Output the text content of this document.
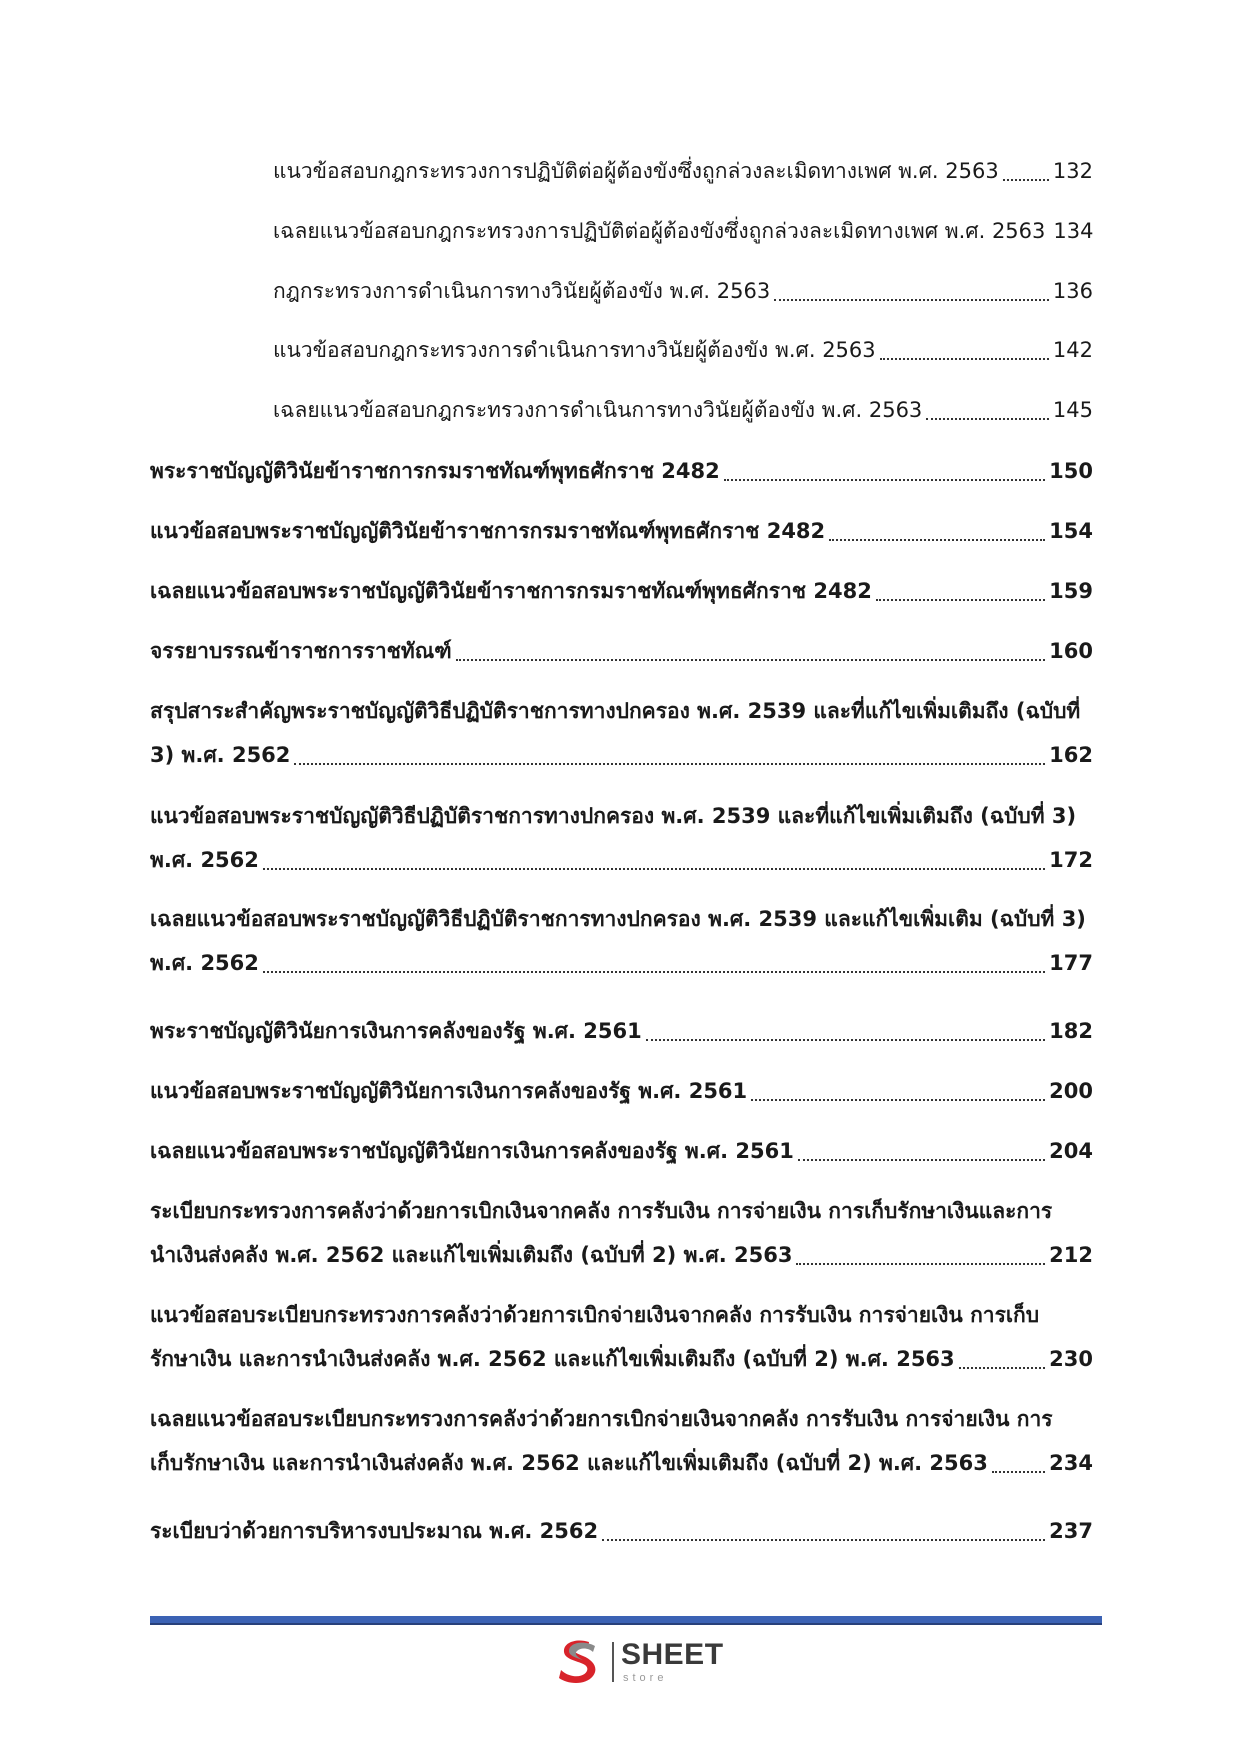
แนวข้อสอบกฎกระทรวงการปฏิบัติต่อผู้ต้องขังซึ่งถูกล่วงละเมิดทางเพศ พ.ศ. 2563	132
เฉลยแนวข้อสอบกฎกระทรวงการปฏิบัติต่อผู้ต้องขังซึ่งถูกล่วงละเมิดทางเพศ พ.ศ. 2563 134
กฎกระทรวงการดำเนินการทางวินัยผู้ต้องขัง พ.ศ. 2563	136
แนวข้อสอบกฎกระทรวงการดำเนินการทางวินัยผู้ต้องขัง พ.ศ. 2563	142
เฉลยแนวข้อสอบกฎกระทรวงการดำเนินการทางวินัยผู้ต้องขัง พ.ศ. 2563	145
พระราชบัญญัติวินัยข้าราชการกรมราชทัณฑ์พุทธศักราช 2482	150
แนวข้อสอบพระราชบัญญัติวินัยข้าราชการกรมราชทัณฑ์พุทธศักราช 2482	154
เฉลยแนวข้อสอบพระราชบัญญัติวินัยข้าราชการกรมราชทัณฑ์พุทธศักราช 2482	159
จรรยาบรรณข้าราชการราชทัณฑ์	160
สรุปสาระสำคัญพระราชบัญญัติวิธีปฏิบัติราชการทางปกครอง พ.ศ. 2539 และที่แก้ไขเพิ่มเติมถึง (ฉบับที่
3) พ.ศ. 2562	162
แนวข้อสอบพระราชบัญญัติวิธีปฏิบัติราชการทางปกครอง พ.ศ. 2539 และที่แก้ไขเพิ่มเติมถึง (ฉบับที่ 3)
พ.ศ. 2562	172
เฉลยแนวข้อสอบพระราชบัญญัติวิธีปฏิบัติราชการทางปกครอง พ.ศ. 2539 และแก้ไขเพิ่มเติม (ฉบับที่ 3)
พ.ศ. 2562	177
พระราชบัญญัติวินัยการเงินการคลังของรัฐ พ.ศ. 2561	182
แนวข้อสอบพระราชบัญญัติวินัยการเงินการคลังของรัฐ พ.ศ. 2561	200
เฉลยแนวข้อสอบพระราชบัญญัติวินัยการเงินการคลังของรัฐ พ.ศ. 2561	204
ระเบียบกระทรวงการคลังว่าด้วยการเบิกเงินจากคลัง การรับเงิน การจ่ายเงิน การเก็บรักษาเงินและการ
นำเงินส่งคลัง พ.ศ. 2562 และแก้ไขเพิ่มเติมถึง (ฉบับที่ 2) พ.ศ. 2563	212
แนวข้อสอบระเบียบกระทรวงการคลังว่าด้วยการเบิกจ่ายเงินจากคลัง การรับเงิน การจ่ายเงิน การเก็บ
รักษาเงิน และการนำเงินส่งคลัง พ.ศ. 2562 และแก้ไขเพิ่มเติมถึง (ฉบับที่ 2) พ.ศ. 2563	230
เฉลยแนวข้อสอบระเบียบกระทรวงการคลังว่าด้วยการเบิกจ่ายเงินจากคลัง การรับเงิน การจ่ายเงิน การ
เก็บรักษาเงิน และการนำเงินส่งคลัง พ.ศ. 2562 และแก้ไขเพิ่มเติมถึง (ฉบับที่ 2) พ.ศ. 2563	234
ระเบียบว่าด้วยการบริหารงบประมาณ พ.ศ. 2562	237
SHEET
store
